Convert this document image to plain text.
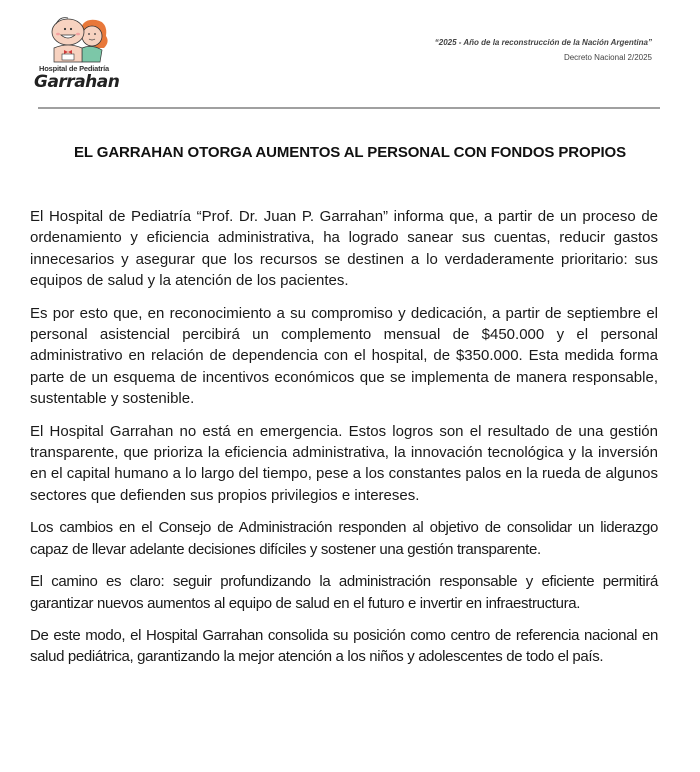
Hospital de Pediatría
Garrahan
“2025 - Año de la reconstrucción de la Nación Argentina”
Decreto Nacional 2/2025
EL GARRAHAN OTORGA AUMENTOS AL PERSONAL CON FONDOS PROPIOS

El Hospital de Pediatría “Prof. Dr. Juan P. Garrahan” informa que, a partir de un proceso de ordenamiento y eficiencia administrativa, ha logrado sanear sus cuentas, reducir gastos innecesarios y asegurar que los recursos se destinen a lo verdaderamente prioritario: sus equipos de salud y la atención de los pacientes.

Es por esto que, en reconocimiento a su compromiso y dedicación, a partir de septiembre el personal asistencial percibirá un complemento mensual de $450.000 y el personal administrativo en relación de dependencia con el hospital, de $350.000. Esta medida forma parte de un esquema de incentivos económicos que se implementa de manera responsable, sustentable y sostenible.

El Hospital Garrahan no está en emergencia. Estos logros son el resultado de una gestión transparente, que prioriza la eficiencia administrativa, la innovación tecnológica y la inversión en el capital humano a lo largo del tiempo, pese a los constantes palos en la rueda de algunos sectores que defienden sus propios privilegios e intereses.

Los cambios en el Consejo de Administración responden al objetivo de consolidar un liderazgo capaz de llevar adelante decisiones difíciles y sostener una gestión transparente.

El camino es claro: seguir profundizando la administración responsable y eficiente permitirá garantizar nuevos aumentos al equipo de salud en el futuro e invertir en infraestructura.

De este modo, el Hospital Garrahan consolida su posición como centro de referencia nacional en salud pediátrica, garantizando la mejor atención a los niños y adolescentes de todo el país.
